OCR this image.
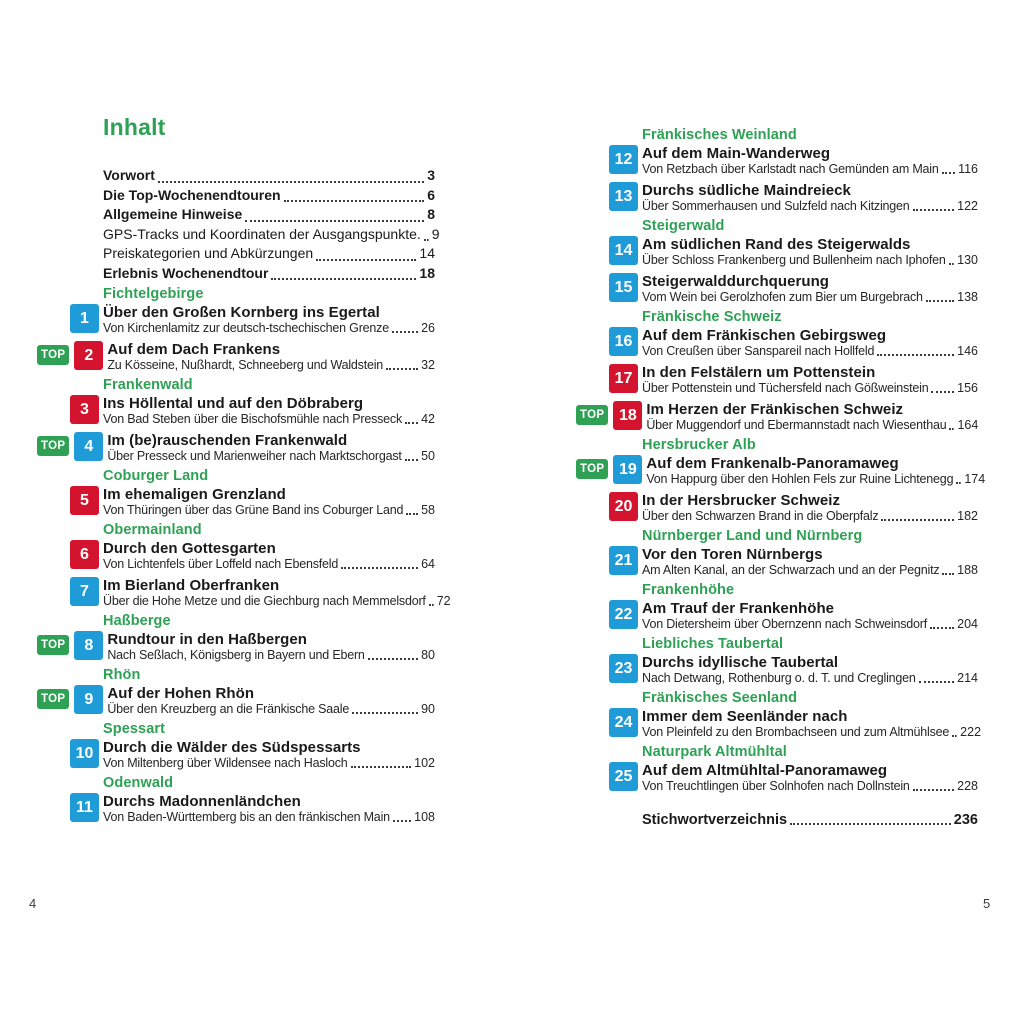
Inhalt
Vorwort	3
Die Top-Wochenendtouren	6
Allgemeine Hinweise	8
GPS-Tracks und Koordinaten der Ausgangspunkte. 9
Preiskategorien und Abkürzungen	14
Erlebnis Wochenendtour	18
Fichtelgebirge
1 Über den Großen Kornberg ins Egertal
Von Kirchenlamitz zur deutsch-tschechischen Grenze	26
TOP	2 Auf dem Dach Frankens
Zu Kösseine, Nußhardt, Schneeberg und Waldstein	32
Frankenwald
3 Ins Höllental und auf den Döbraberg
Von Bad Steben über die Bischofsmühle nach Presseck 42
TOP	4 Im (be)rauschenden Frankenwald
Über Presseck und Marienweiher nach Marktschorgast 50
Coburger Land
5 Im ehemaligen Grenzland
Von Thüringen über das Grüne Band ins Coburger Land 58
Obermainland
6 Durch den Gottesgarten
Von Lichtenfels über Loffeld nach Ebensfeld	64
7 Im Bierland Oberfranken
Über die Hohe Metze und die Giechburg nach Memmelsdorf 72
Haßberge
TOP	8 Rundtour in den Haßbergen
Nach Seßlach, Königsberg in Bayern und Ebern	80
Rhön
TOP	9 Auf der Hohen Rhön
Über den Kreuzberg an die Fränkische Saale	90
Spessart
10 Durch die Wälder des Südspessarts
Von Miltenberg über Wildensee nach Hasloch	102
Odenwald
11 Durchs Madonnenländchen
Von Baden-Württemberg bis an den fränkischen Main 108
Fränkisches Weinland
12 Auf dem Main-Wanderweg
Von Retzbach über Karlstadt nach Gemünden am Main 116
13 Durchs südliche Maindreieck
Über Sommerhausen und Sulzfeld nach Kitzingen	122
Steigerwald
14 Am südlichen Rand des Steigerwalds
Über Schloss Frankenberg und Bullenheim nach Iphofen 130
15 Steigerwalddurchquerung
Vom Wein bei Gerolzhofen zum Bier um Burgebrach	138
Fränkische Schweiz
16 Auf dem Fränkischen Gebirgsweg
Von Creußen über Sanspareil nach Hollfeld	146
17 In den Felstälern um Pottenstein
Über Pottenstein und Tüchersfeld nach Gößweinstein 156
TOP 18 Im Herzen der Fränkischen Schweiz
Über Muggendorf und Ebermannstadt nach Wiesenthau 164
Hersbrucker Alb
TOP 19 Auf dem Frankenalb-Panoramaweg
Von Happurg über den Hohlen Fels zur Ruine Lichtenegg 174
20 In der Hersbrucker Schweiz
Über den Schwarzen Brand in die Oberpfalz	182
Nürnberger Land und Nürnberg
21 Vor den Toren Nürnbergs
Am Alten Kanal, an der Schwarzach und an der Pegnitz 188
Frankenhöhe
22 Am Trauf der Frankenhöhe
Von Dietersheim über Obernzenn nach Schweinsdorf 204
Liebliches Taubertal
23 Durchs idyllische Taubertal
Nach Detwang, Rothenburg o. d. T. und Creglingen	214
Fränkisches Seenland
24 Immer dem Seenländer nach
Von Pleinfeld zu den Brombachseen und zum Altmühlsee 222
Naturpark Altmühltal
25 Auf dem Altmühltal-Panoramaweg
Von Treuchtlingen über Solnhofen nach Dollnstein	228
Stichwortverzeichnis	236
4	5
